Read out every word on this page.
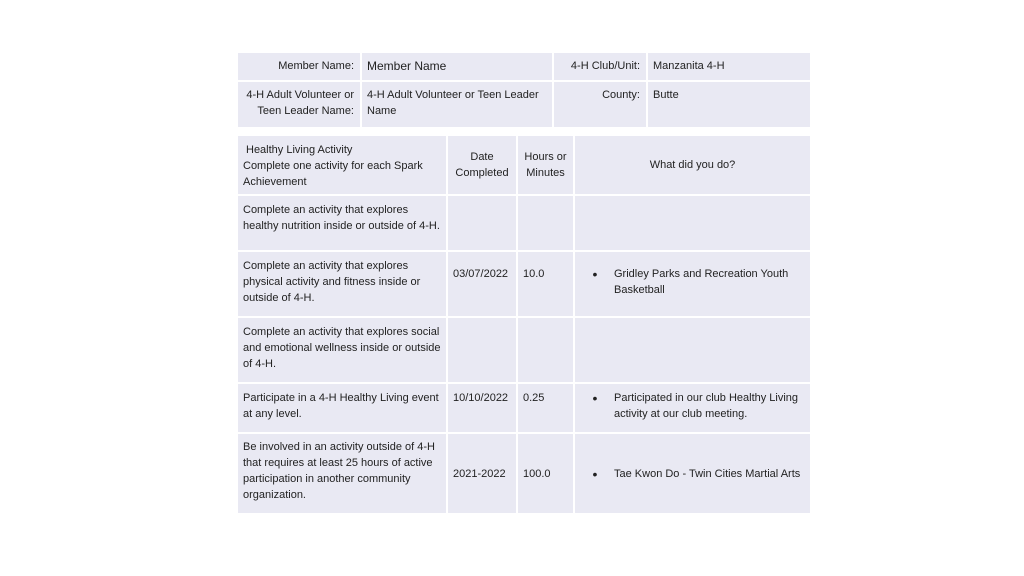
Member Name:	Member Name	4-H Club/Unit:	Manzanita 4-H
4-H Adult Volunteer or Teen Leader Name:	4-H Adult Volunteer or Teen Leader Name	County:	Butte
Healthy Living Activity
Complete one activity for each Spark Achievement	Date Completed	Hours or Minutes	What did you do?
Complete an activity that explores healthy nutrition inside or outside of 4-H.			
Complete an activity that explores physical activity and fitness inside or outside of 4-H.	03/07/2022	10.0	• Gridley Parks and Recreation Youth Basketball

Complete an activity that explores social and emotional wellness inside or outside of 4-H.			
Participate in a 4-H Healthy Living event at any level.	10/10/2022	0.25	• Participated in our club Healthy Living activity at our club meeting.

Be involved in an activity outside of 4-H that requires at least 25 hours of active participation in another community organization.	2021-2022	100.0	• Tae Kwon Do - Twin Cities Martial Arts
